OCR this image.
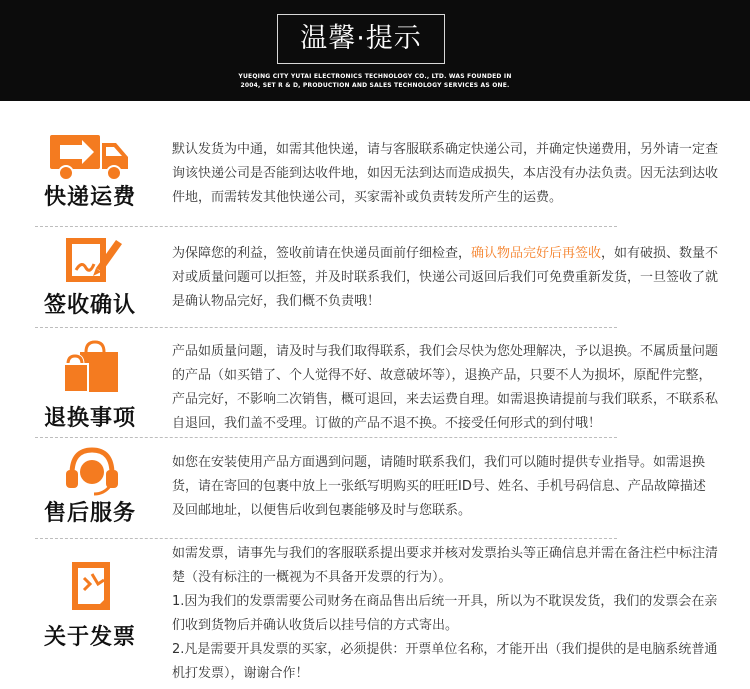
温馨·提示
YUEQING CITY YUTAI ELECTRONICS TECHNOLOGY CO., LTD. WAS FOUNDED IN
2004, SET R & D, PRODUCTION AND SALES TECHNOLOGY SERVICES AS ONE.
快递运费
默认发货为中通，如需其他快递，请与客服联系确定快递公司，并确定快递费用，另外请一定查询该快递公司是否能到达收件地，如因无法到达而造成损失，本店没有办法负责。因无法到达收件地，而需转发其他快递公司，买家需补或负责转发所产生的运费。
签收确认
为保障您的利益，签收前请在快递员面前仔细检查，确认物品完好后再签收，如有破损、数量不对或质量问题可以拒签，并及时联系我们，快递公司返回后我们可免费重新发货，一旦签收了就是确认物品完好，我们概不负责哦！
退换事项
产品如质量问题，请及时与我们取得联系，我们会尽快为您处理解决，予以退换。不属质量问题的产品（如买错了、个人觉得不好、故意破坏等），退换产品，只要不人为损坏，原配件完整，产品完好，不影响二次销售，概可退回，来去运费自理。如需退换请提前与我们联系，不联系私自退回，我们盖不受理。订做的产品不退不换。不接受任何形式的到付哦！
售后服务
如您在安装使用产品方面遇到问题，请随时联系我们，我们可以随时提供专业指导。如需退换货，请在寄回的包裹中放上一张纸写明购买的旺旺ID号、姓名、手机号码信息、产品故障描述及回邮地址，以便售后收到包裹能够及时与您联系。
关于发票

如需发票，请事先与我们的客服联系提出要求并核对发票抬头等正确信息并需在备注栏中标注清楚（没有标注的一概视为不具备开发票的行为）。

1.因为我们的发票需要公司财务在商品售出后统一开具，所以为不耽误发货，我们的发票会在亲们收到货物后并确认收货后以挂号信的方式寄出。

2.凡是需要开具发票的买家，必须提供：开票单位名称，才能开出（我们提供的是电脑系统普通机打发票），谢谢合作！
